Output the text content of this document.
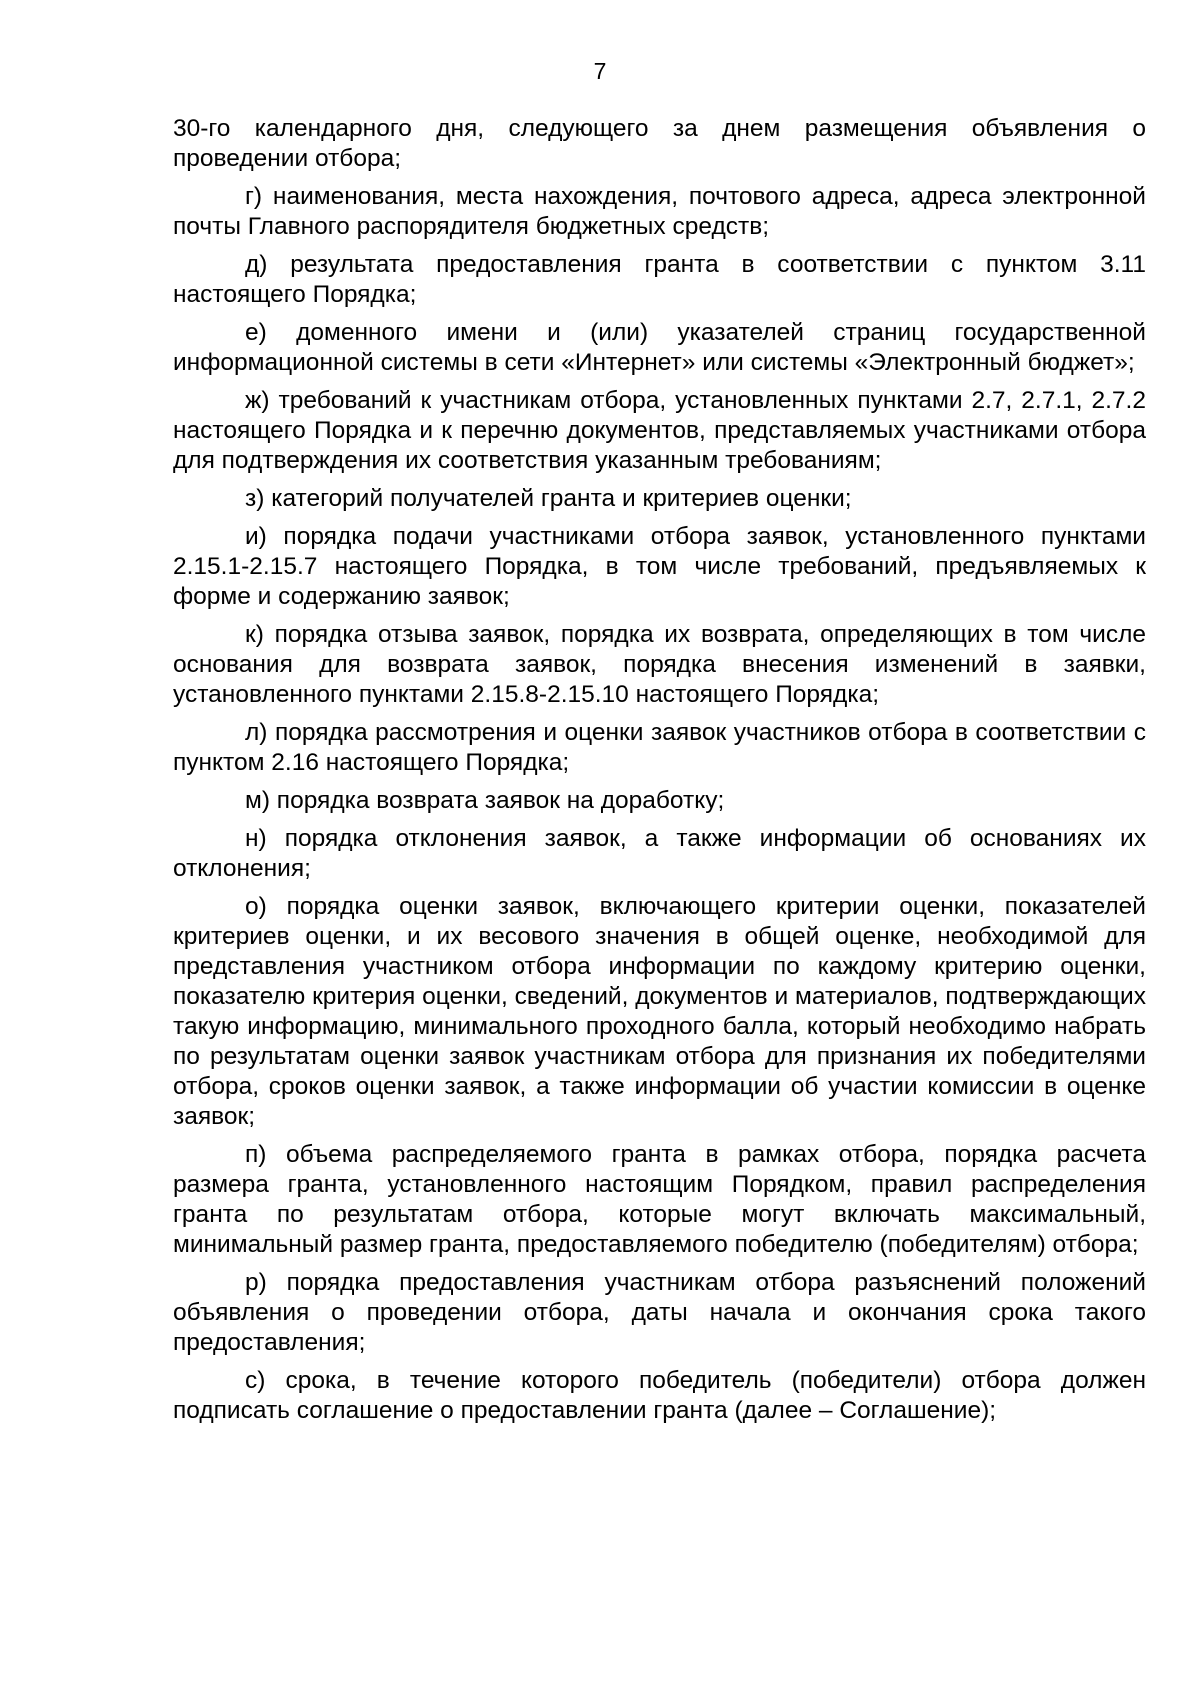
7

30-го календарного дня, следующего за днем размещения объявления о проведении отбора;

г) наименования, места нахождения, почтового адреса, адреса электронной почты Главного распорядителя бюджетных средств;

д) результата предоставления гранта в соответствии с пунктом 3.11 настоящего Порядка;

е) доменного имени и (или) указателей страниц государственной информационной системы в сети «Интернет» или системы «Электронный бюджет»;

ж) требований к участникам отбора, установленных пунктами 2.7, 2.7.1, 2.7.2 настоящего Порядка и к перечню документов, представляемых участниками отбора для подтверждения их соответствия указанным требованиям;

з) категорий получателей гранта и критериев оценки;

и) порядка подачи участниками отбора заявок, установленного пунктами 2.15.1-2.15.7 настоящего Порядка, в том числе требований, предъявляемых к форме и содержанию заявок;

к) порядка отзыва заявок, порядка их возврата, определяющих в том числе основания для возврата заявок, порядка внесения изменений в заявки, установленного пунктами 2.15.8-2.15.10 настоящего Порядка;

л) порядка рассмотрения и оценки заявок участников отбора в соответствии с пунктом 2.16 настоящего Порядка;

м) порядка возврата заявок на доработку;

н) порядка отклонения заявок, а также информации об основаниях их отклонения;

о) порядка оценки заявок, включающего критерии оценки, показателей критериев оценки, и их весового значения в общей оценке, необходимой для представления участником отбора информации по каждому критерию оценки, показателю критерия оценки, сведений, документов и материалов, подтверждающих такую информацию, минимального проходного балла, который необходимо набрать по результатам оценки заявок участникам отбора для признания их победителями отбора, сроков оценки заявок, а также информации об участии комиссии в оценке заявок;

п) объема распределяемого гранта в рамках отбора, порядка расчета размера гранта, установленного настоящим Порядком, правил распределения гранта по результатам отбора, которые могут включать максимальный, минимальный размер гранта, предоставляемого победителю (победителям) отбора;

р) порядка предоставления участникам отбора разъяснений положений объявления о проведении отбора, даты начала и окончания срока такого предоставления;

с) срока, в течение которого победитель (победители) отбора должен подписать соглашение о предоставлении гранта (далее – Соглашение);
